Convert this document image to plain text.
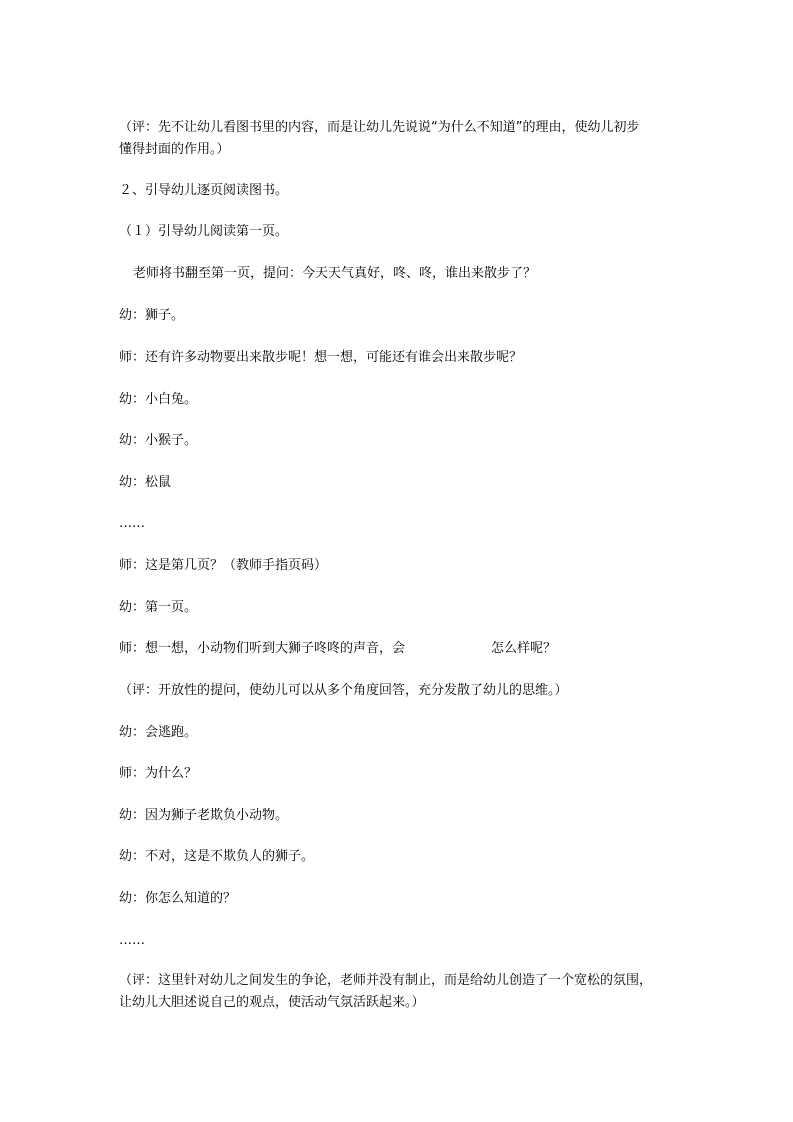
（评：先不让幼儿看图书里的内容，而是让幼儿先说说“为什么不知道”的理由，使幼儿初步
懂得封面的作用。）
２、引导幼儿逐页阅读图书。
（１）引导幼儿阅读第一页。
老师将书翻至第一页，提问：今天天气真好，咚、咚，谁出来散步了？
幼：狮子。
师：还有许多动物要出来散步呢！想一想，可能还有谁会出来散步呢？
幼：小白兔。
幼：小猴子。
幼：松鼠
……
师：这是第几页？（教师手指页码）
幼：第一页。
师：想一想，小动物们听到大狮子咚咚的声音，会	怎么样呢？
（评：开放性的提问，使幼儿可以从多个角度回答，充分发散了幼儿的思维。）
幼：会逃跑。
师：为什么？
幼：因为狮子老欺负小动物。
幼：不对，这是不欺负人的狮子。
幼：你怎么知道的？
……
（评：这里针对幼儿之间发生的争论，老师并没有制止，而是给幼儿创造了一个宽松的氛围，
让幼儿大胆述说自己的观点，使活动气氛活跃起来。）
